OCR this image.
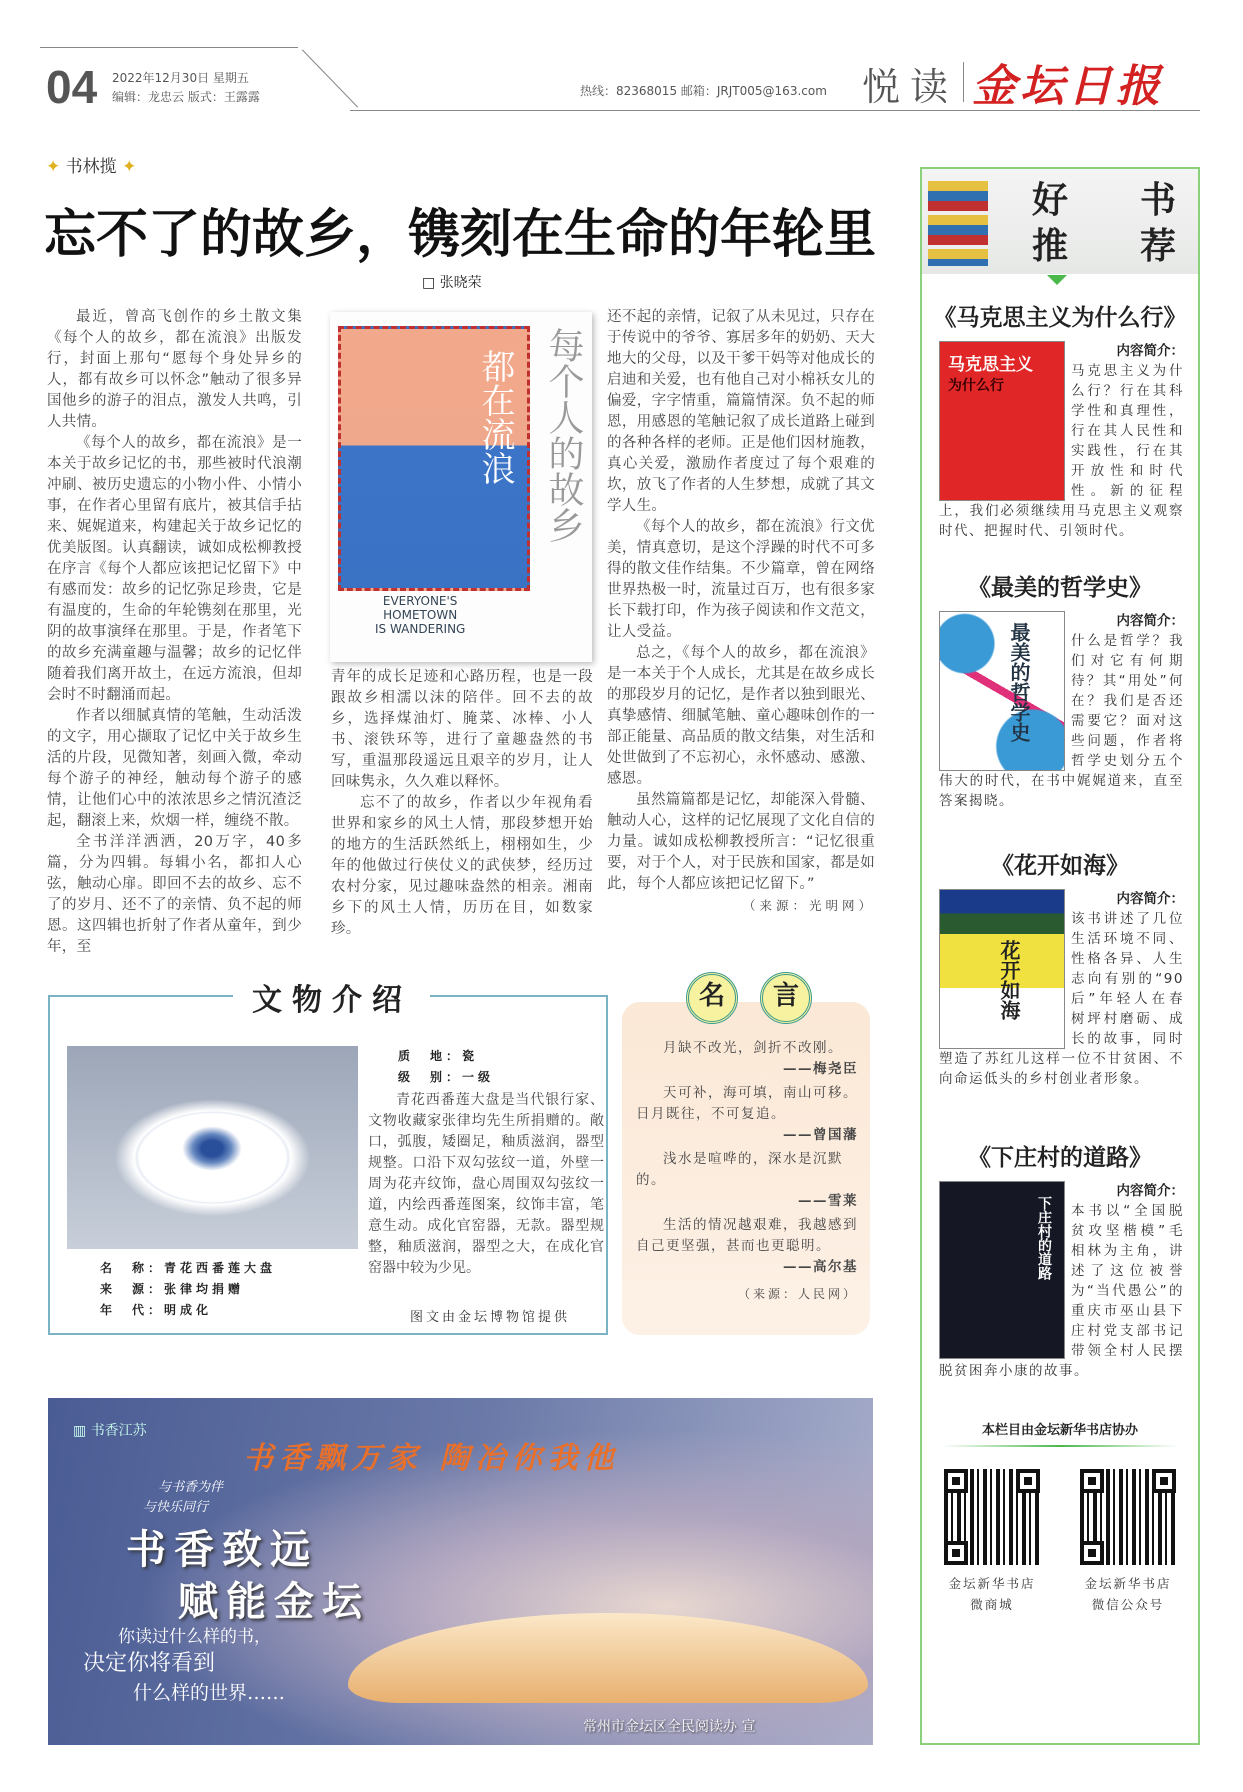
04 2022年12月30日 星期五
编辑：龙忠云 版式：王露露	热线：82368015 邮箱：JRJT005@163.com 悦读 金坛日报
✦ 书林揽 ✦
忘不了的故乡，镌刻在生命的年轮里
□ 张晓荣

最近，曾高飞创作的乡土散文集《每个人的故乡，都在流浪》出版发行，封面上那句“愿每个身处异乡的人，都有故乡可以怀念”触动了很多异国他乡的游子的泪点，激发人共鸣，引人共情。

《每个人的故乡，都在流浪》是一本关于故乡记忆的书，那些被时代浪潮冲刷、被历史遗忘的小物小件、小情小事，在作者心里留有底片，被其信手拈来、娓娓道来，构建起关于故乡记忆的优美版图。认真翻读，诚如成松柳教授在序言《每个人都应该把记忆留下》中有感而发：故乡的记忆弥足珍贵，它是有温度的，生命的年轮镌刻在那里，光阴的故事演绎在那里。于是，作者笔下的故乡充满童趣与温馨；故乡的记忆伴随着我们离开故土，在远方流浪，但却会时不时翻涌而起。

作者以细腻真情的笔触，生动活泼的文字，用心撷取了记忆中关于故乡生活的片段，见微知著，刻画入微，牵动每个游子的神经，触动每个游子的感情，让他们心中的浓浓思乡之情沉渣泛起，翻滚上来，炊烟一样，缠绕不散。

全书洋洋洒洒，20万字，40多篇，分为四辑。每辑小名，都扣人心弦，触动心扉。即回不去的故乡、忘不了的岁月、还不了的亲情、负不起的师恩。这四辑也折射了作者从童年，到少年，至

都在流浪 每个人的故乡
EVERYONE'S
HOMETOWN
IS WANDERING

青年的成长足迹和心路历程，也是一段跟故乡相濡以沫的陪伴。回不去的故乡，选择煤油灯、腌菜、冰棒、小人书、滚铁环等，进行了童趣盎然的书写，重温那段遥远且艰辛的岁月，让人回味隽永，久久难以释怀。

忘不了的故乡，作者以少年视角看世界和家乡的风土人情，那段梦想开始的地方的生活跃然纸上，栩栩如生，少年的他做过行侠仗义的武侠梦，经历过农村分家，见过趣味盎然的相亲。湘南乡下的风土人情，历历在目，如数家珍。

还不起的亲情，记叙了从未见过，只存在于传说中的爷爷、寡居多年的奶奶、天大地大的父母，以及干爹干妈等对他成长的启迪和关爱，也有他自己对小棉袄女儿的偏爱，字字情重，篇篇情深。负不起的师恩，用感恩的笔触记叙了成长道路上碰到的各种各样的老师。正是他们因材施教，真心关爱，激励作者度过了每个艰难的坎，放飞了作者的人生梦想，成就了其文学人生。

《每个人的故乡，都在流浪》行文优美，情真意切，是这个浮躁的时代不可多得的散文佳作结集。不少篇章，曾在网络世界热极一时，流量过百万，也有很多家长下载打印，作为孩子阅读和作文范文，让人受益。

总之，《每个人的故乡，都在流浪》是一本关于个人成长，尤其是在故乡成长的那段岁月的记忆，是作者以独到眼光、真挚感情、细腻笔触、童心趣味创作的一部正能量、高品质的散文结集，对生活和处世做到了不忘初心，永怀感动、感激、感恩。

虽然篇篇都是记忆，却能深入骨髓、触动人心，这样的记忆展现了文化自信的力量。诚如成松柳教授所言：“记忆很重要，对于个人，对于民族和国家，都是如此，每个人都应该把记忆留下。”

（来源：光明网）
文物介绍
质　地：瓷
级　别：一级
青花西番莲大盘是当代银行家、文物收藏家张律均先生所捐赠的。敞口，弧腹，矮圈足，釉质滋润，器型规整。口沿下双勾弦纹一道，外壁一周为花卉纹饰，盘心周围双勾弦纹一道，内绘西番莲图案，纹饰丰富，笔意生动。成化官窑器，无款。器型规整，釉质滋润，器型之大，在成化官窑器中较为少见。
名　称：青花西番莲大盘
来　源：张律均捐赠
年　代：明成化	图文由金坛博物馆提供
名	言
月缺不改光，剑折不改刚。
——梅尧臣
天可补，海可填，南山可移。日月既往，不可复追。
——曾国藩
浅水是喧哗的，深水是沉默的。
——雪莱
生活的情况越艰难，我越感到自己更坚强，甚而也更聪明。
——高尔基
（来源：人民网）
▥ 书香江苏
书香飘万家 陶冶你我他
与书香为伴
与快乐同行
书香致远
赋能金坛
你读过什么样的书，
决定你将看到
什么样的世界……
常州市金坛区全民阅读办 宣
好　书
推　荐
《马克思主义为什么行》
马克思主义
为什么行
内容简介：
马克思主义为什么行？行在其科学性和真理性，行在其人民性和实践性，行在其开放性和时代性。新的征程上，我们必须继续用马克思主义观察时代、把握时代、引领时代。
《最美的哲学史》
最美的哲学史
内容简介：
什么是哲学？我们对它有何期待？其“用处”何在？我们是否还需要它？面对这些问题，作者将哲学史划分五个伟大的时代，在书中娓娓道来，直至答案揭晓。
《花开如海》
花开如海
内容简介：
该书讲述了几位生活环境不同、性格各异、人生志向有别的“90后”年轻人在春树坪村磨砺、成长的故事，同时塑造了苏红儿这样一位不甘贫困、不向命运低头的乡村创业者形象。
《下庄村的道路》
下庄村的道路
内容简介：
本书以“全国脱贫攻坚楷模”毛相林为主角，讲述了这位被誉为“当代愚公”的重庆市巫山县下庄村党支部书记带领全村人民摆脱贫困奔小康的故事。
本栏目由金坛新华书店协办
金坛新华书店
微商城
金坛新华书店
微信公众号
